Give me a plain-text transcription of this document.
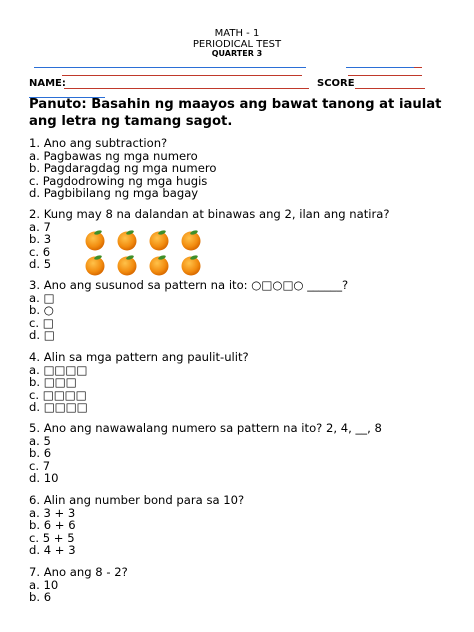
MATH - 1
PERIODICAL TEST
QUARTER 3
NAME:	SCORE
Panuto: Basahin ng maayos ang bawat tanong at iaulat ang letra ng tamang sagot.
1. Ano ang subtraction?
a. Pagbawas ng mga numero
b. Pagdaragdag ng mga numero
c. Pagdodrowing ng mga hugis
d. Pagbibilang ng mga bagay
2. Kung may 8 na dalandan at binawas ang 2, ilan ang natira?
a. 7
b. 3
c. 6
d. 5
3. Ano ang susunod sa pattern na ito: ○□○□○ ______?
a. □
b. ○
c. □
d. □
4. Alin sa mga pattern ang paulit-ulit?
a. □□□□
b. □□□
c. □□□□
d. □□□□
5. Ano ang nawawalang numero sa pattern na ito? 2, 4, __, 8
a. 5
b. 6
c. 7
d. 10
6. Alin ang number bond para sa 10?
a. 3 + 3
b. 6 + 6
c. 5 + 5
d. 4 + 3
7. Ano ang 8 - 2?
a. 10
b. 6
